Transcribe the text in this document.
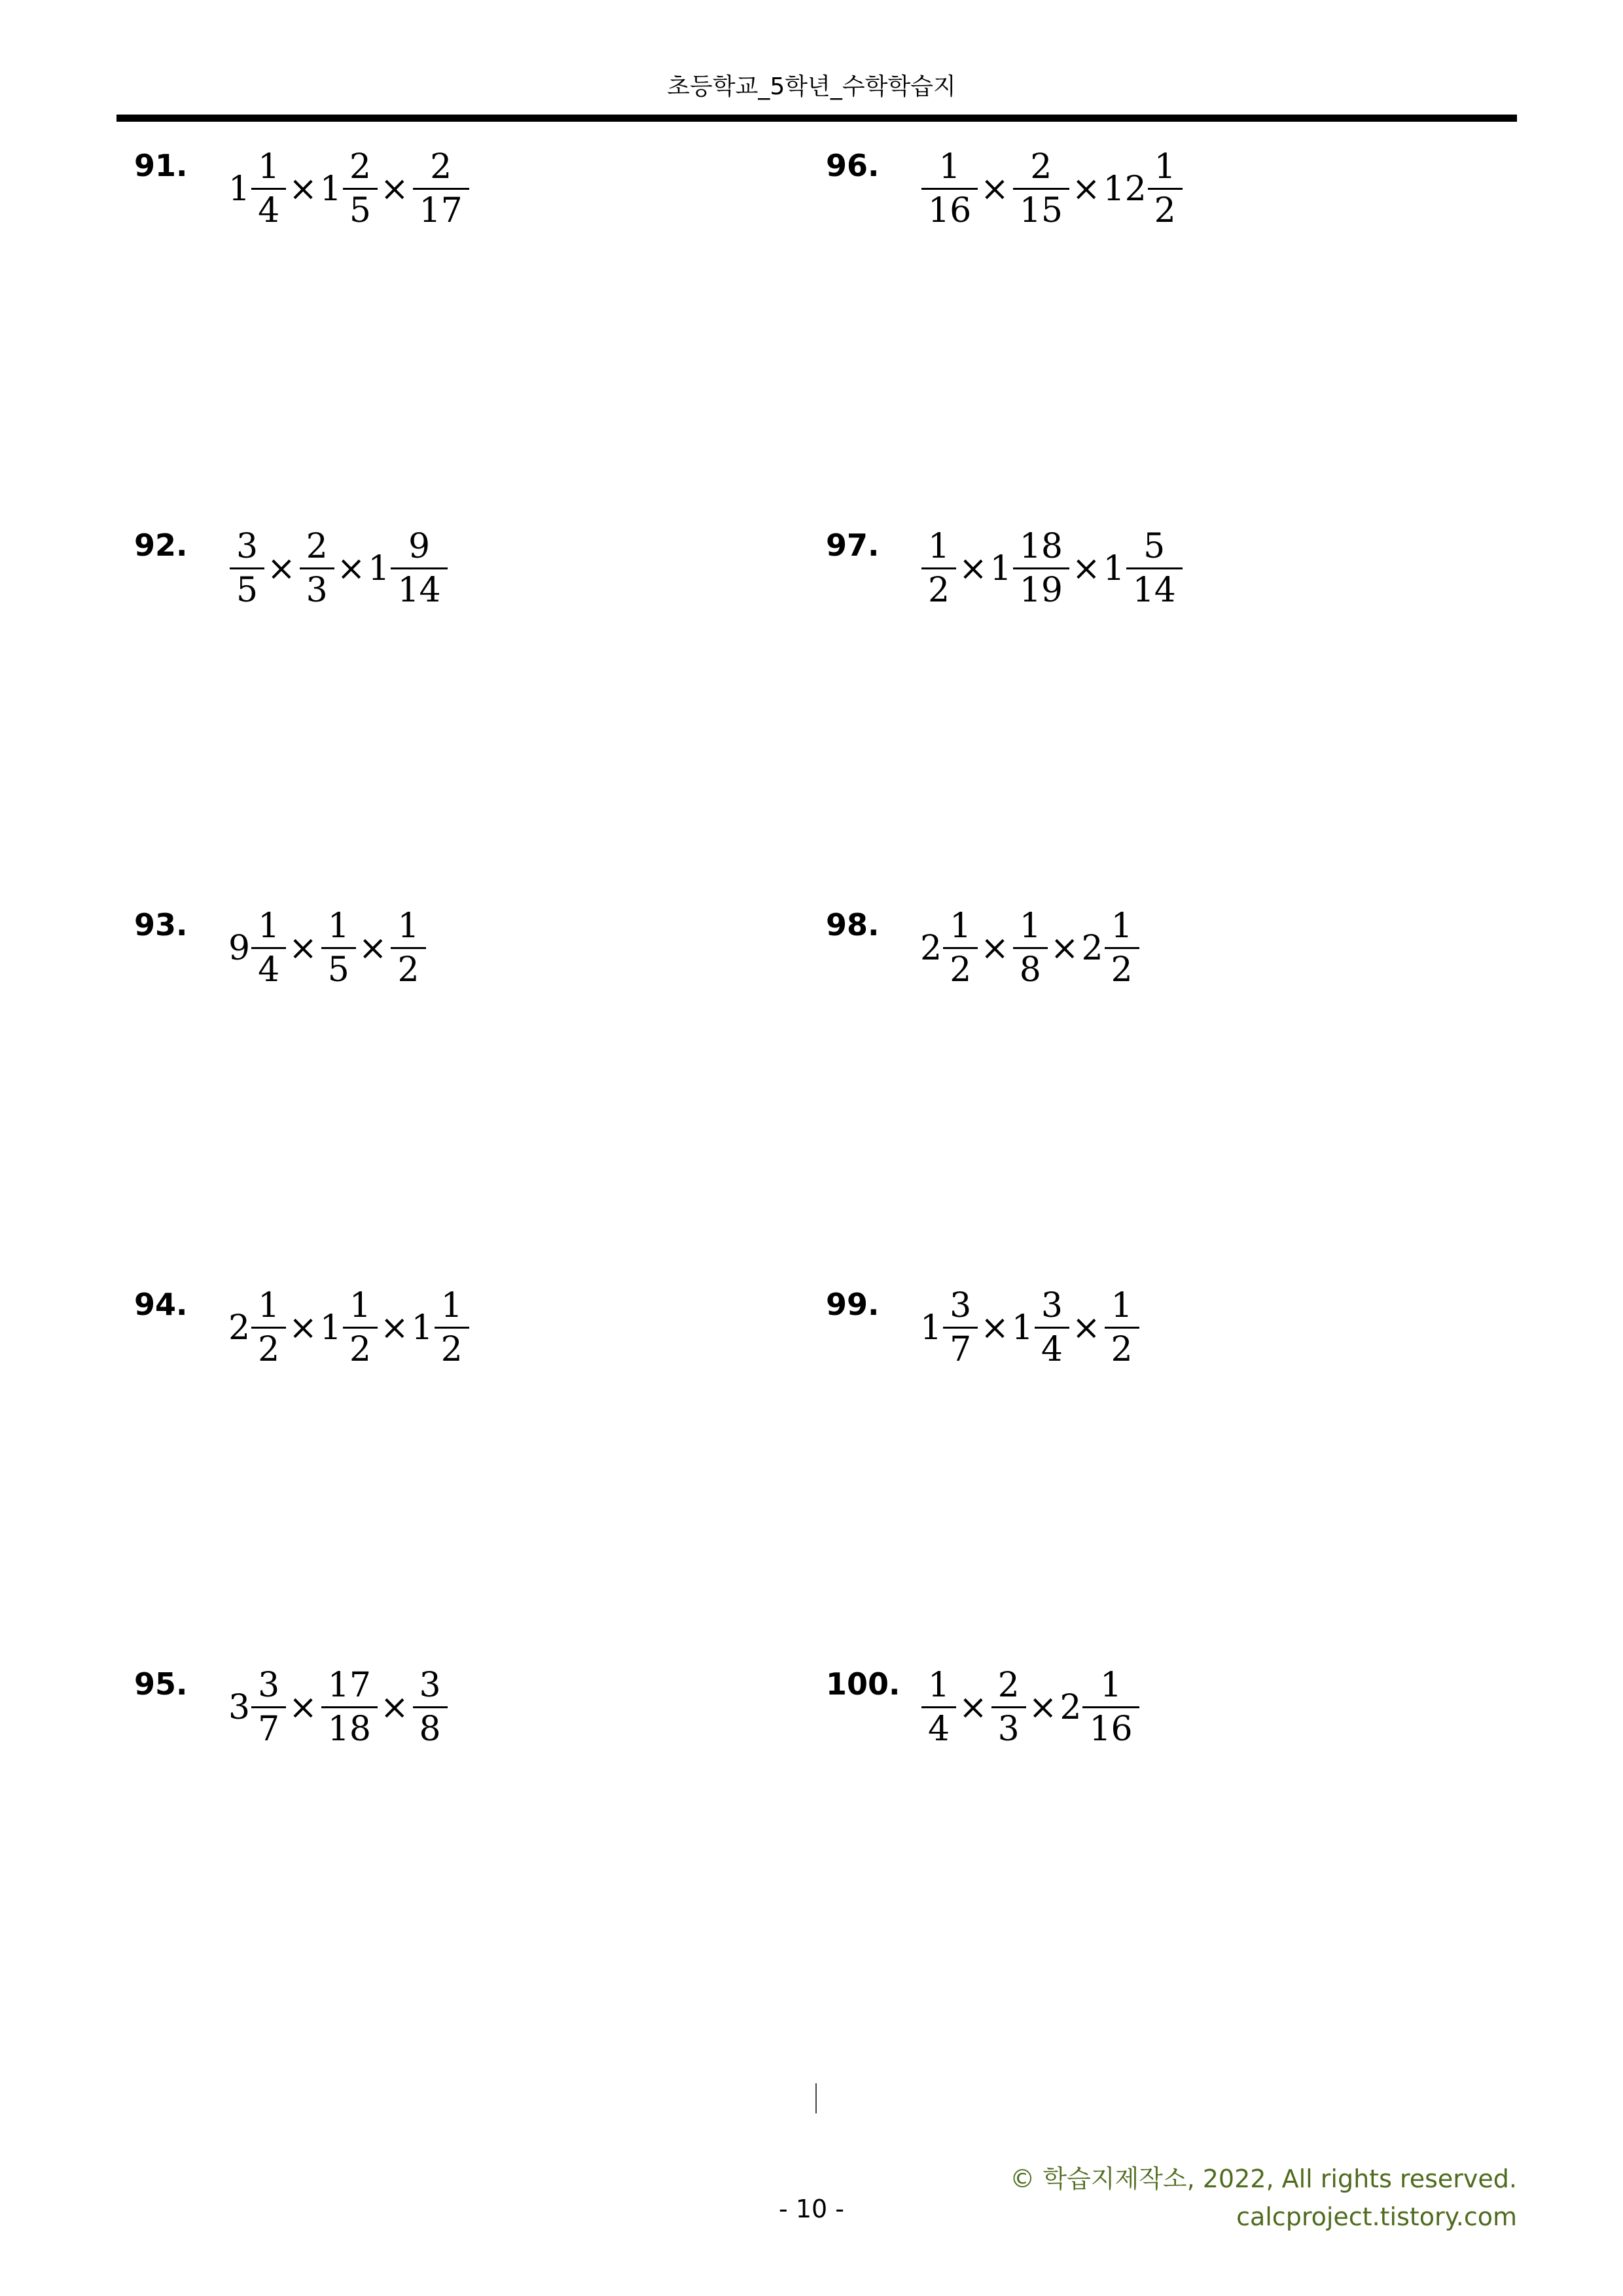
초등학교_5학년_수학학습지
91.
$1 \frac{1}{4} \times 1 \frac{2}{5} \times \frac{2}{17}$
92. $\frac{3}{5} \times \frac{2}{3} \times 1 \frac{9}{14}$
93.
$9 \frac{1}{4} \times \frac{1}{5} \times \frac{1}{2}$
94.
$2 \frac{1}{2} \times 1 \frac{1}{2} \times 1 \frac{1}{2}$
95.
$3 \frac{3}{7} \times \frac{17}{18} \times \frac{3}{8}$
96. $\frac{1}{16} \times \frac{2}{15} \times 12 \frac{1}{2}$
97. $\frac{1}{2} \times 1 \frac{18}{19} \times 1 \frac{5}{14}$
98.
$2 \frac{1}{2} \times \frac{1}{8} \times 2 \frac{1}{2}$
99.
$1 \frac{3}{7} \times 1 \frac{3}{4} \times \frac{1}{2}$
100. $\frac{1}{4} \times \frac{2}{3} \times 2 \frac{1}{16}$
- 10 -
© 학습지제작소, 2022, All rights reserved.
calcproject.tistory.com
